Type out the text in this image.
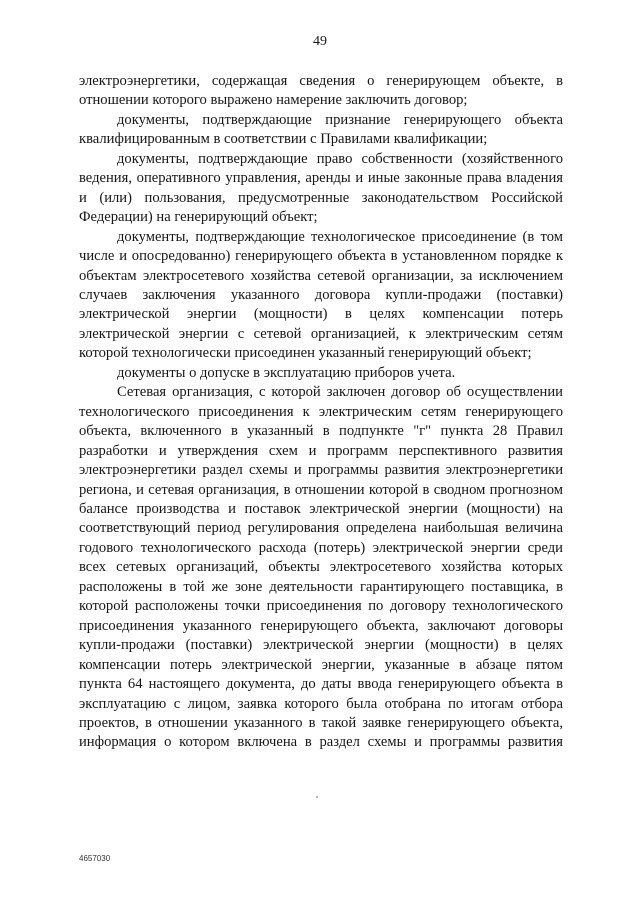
49

электроэнергетики, содержащая сведения о генерирующем объекте, в отношении которого выражено намерение заключить договор;

документы, подтверждающие признание генерирующего объекта квалифицированным в соответствии с Правилами квалификации;

документы, подтверждающие право собственности (хозяйственного ведения, оперативного управления, аренды и иные законные права владения и (или) пользования, предусмотренные законодательством Российской Федерации) на генерирующий объект;

документы, подтверждающие технологическое присоединение (в том числе и опосредованно) генерирующего объекта в установленном порядке к объектам электросетевого хозяйства сетевой организации, за исключением случаев заключения указанного договора купли-продажи (поставки) электрической энергии (мощности) в целях компенсации потерь электрической энергии с сетевой организацией, к электрическим сетям которой технологически присоединен указанный генерирующий объект;

документы о допуске в эксплуатацию приборов учета.

Сетевая организация, с которой заключен договор об осуществлении технологического присоединения к электрическим сетям генерирующего объекта, включенного в указанный в подпункте "г" пункта 28 Правил разработки и утверждения схем и программ перспективного развития электроэнергетики раздел схемы и программы развития электроэнергетики региона, и сетевая организация, в отношении которой в сводном прогнозном балансе производства и поставок электрической энергии (мощности) на соответствующий период регулирования определена наибольшая величина годового технологического расхода (потерь) электрической энергии среди всех сетевых организаций, объекты электросетевого хозяйства которых расположены в той же зоне деятельности гарантирующего поставщика, в которой расположены точки присоединения по договору технологического присоединения указанного генерирующего объекта, заключают договоры купли-продажи (поставки) электрической энергии (мощности) в целях компенсации потерь электрической энергии, указанные в абзаце пятом пункта 64 настоящего документа, до даты ввода генерирующего объекта в эксплуатацию с лицом, заявка которого была отобрана по итогам отбора проектов, в отношении указанного в такой заявке генерирующего объекта, информация о котором включена в раздел схемы и программы развития

4657030
